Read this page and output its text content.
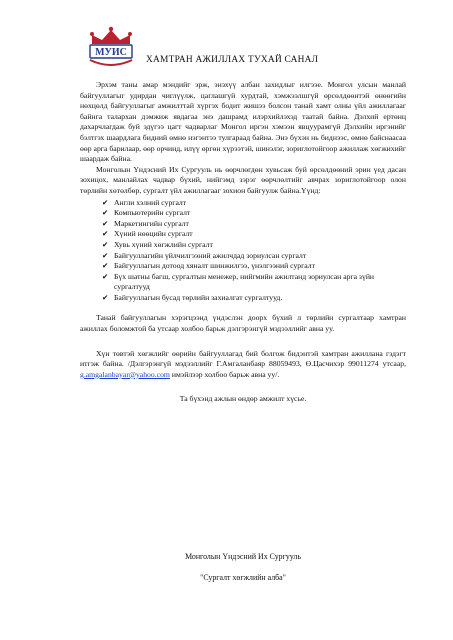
МУИС
ХАМТРАН АЖИЛЛАХ ТУХАЙ САНАЛ

Эрхэм таны амар мэндийг эрж, энэхүү албан захидлыг илгээе. Монгол улсын манлай байгууллагыг удирдан чиглүүлж, цаглашгүй хурдтай, хэмжээлшгүй өрсөлдөөнтэй өнөөгийн нөхцөлд байгууллагыг амжилттай хүргэх бодит жишээ болсон танай хамт олны үйл ажиллагааг байнга талархан дэмжиж явдагаа энэ дашрамд илэрхийлэхэд таатай байна. Дэлхий ертөнц дахарчлагдаж буй эдүгээ цагт чадварлаг Монгол иргэн хэмээн явцуурамгүй Дэлхийн иргэнийг бэлтгэх шаардлага бидний өмнө нэгэнтээ тулгараад байна. Энэ бүхэн нь биднээс, өмнө байснаасаа өөр арга барилаар, өөр орчинд, илүү өргөн хүрээтэй, шинэлэг, зориглотойгоор ажиллаж хөгжихийг шаардаж байна.

Монголын Үндэсний Их Сургууль нь өөрчлөгдөн хувьсаж буй өрсөлдөөний эрин үед дасан зохицох, манлайлах чадвар бүхий, нийгэмд зэрэг өөрчлөлтийг авчрах зориглотойгоор олон төрлийн хөтөлбөр, сургалт үйл ажиллагааг зохион байгуулж байна.Үүнд:

✔ Англи хэлний сургалт
✔ Компьютерийн сургалт
✔ Маркетингийн сургалт
✔ Хүний нөөцийн сургалт
✔ Хувь хүний хөгжлийн сургалт
✔ Байгууллагийн үйлчилгээний ажилчдад зориулсан сургалт
✔ Байгууллагын дотоод хяналт шинжилгээ, үнэлгээний сургалт
✔ Бүх шатны багш, сургалтын менежер, нийгмийн ажилтанд зориулсан арга зүйн сургалтууд
✔ Байгууллагын бусад төрлийн захиалгат сургалтууд.

Танай байгууллагын хэрэгцээнд үндэслэн доорх бүхий л төрлийн сургалтаар хамтран ажиллах боломжтой ба утсаар холбоо барьж дэлгэрэнгүй мэдээллийг авна уу.

Хүн төвтэй хөгжлийг өөрийн байгууллагад бий болгож бидэнтэй хамтран ажиллана гэдэгт итгэж байна. /Дэлгэрэнгүй мэдээллийг Г.Амгаланбаяр 88059493, Ө.Цасчихэр 99011274 утсаар, g.amgalanbayar@yahoo.com имэйлээр холбоо барьж авна уу/.

Та бүхэнд ажлын өндөр амжилт хүсье.

Монголын Үндэсний Их Сургууль
"Сургалт хөгжлийн алба"
